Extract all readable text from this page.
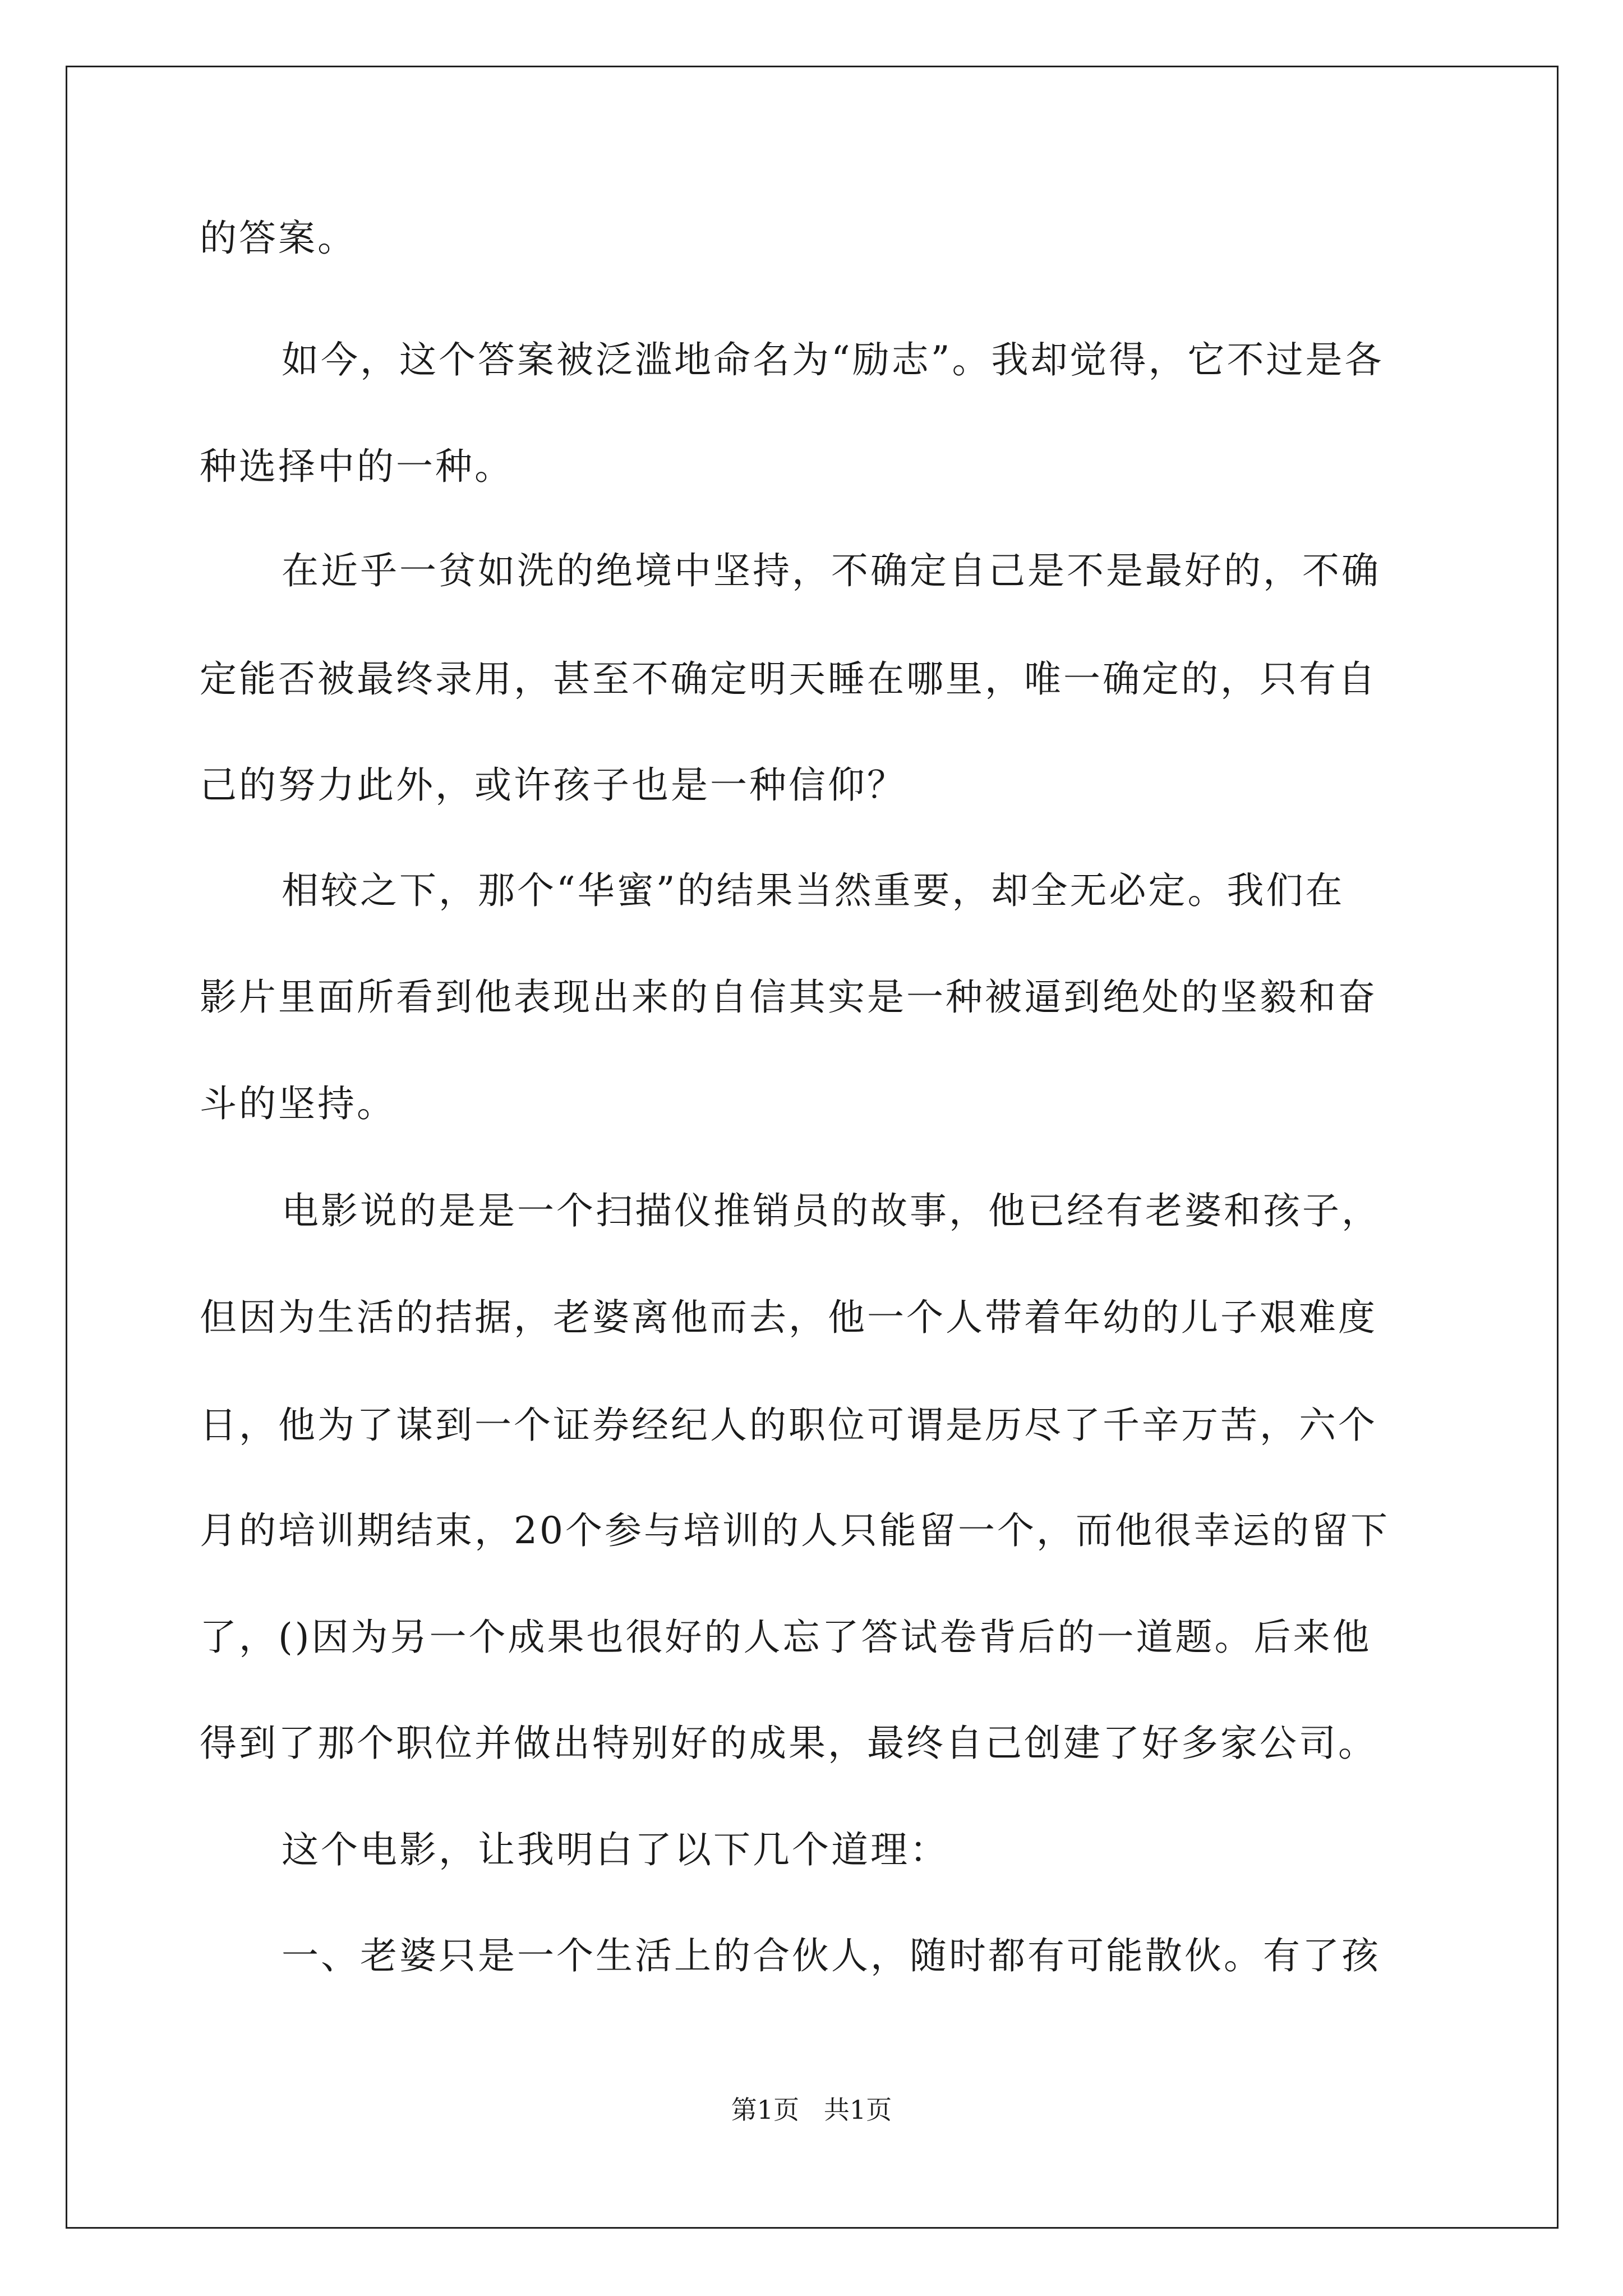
的答案。

如今，这个答案被泛滥地命名为“励志”。我却觉得，它不过是各

种选择中的一种。

在近乎一贫如洗的绝境中坚持，不确定自己是不是最好的，不确

定能否被最终录用，甚至不确定明天睡在哪里，唯一确定的，只有自

己的努力此外，或许孩子也是一种信仰？

相较之下，那个“华蜜”的结果当然重要，却全无必定。我们在

影片里面所看到他表现出来的自信其实是一种被逼到绝处的坚毅和奋

斗的坚持。

电影说的是是一个扫描仪推销员的故事，他已经有老婆和孩子，

但因为生活的拮据，老婆离他而去，他一个人带着年幼的儿子艰难度

日，他为了谋到一个证券经纪人的职位可谓是历尽了千辛万苦，六个

月的培训期结束，20个参与培训的人只能留一个，而他很幸运的留下

了，()因为另一个成果也很好的人忘了答试卷背后的一道题。后来他

得到了那个职位并做出特别好的成果，最终自己创建了好多家公司。

这个电影，让我明白了以下几个道理：

一、老婆只是一个生活上的合伙人，随时都有可能散伙。有了孩

第1页   共1页
